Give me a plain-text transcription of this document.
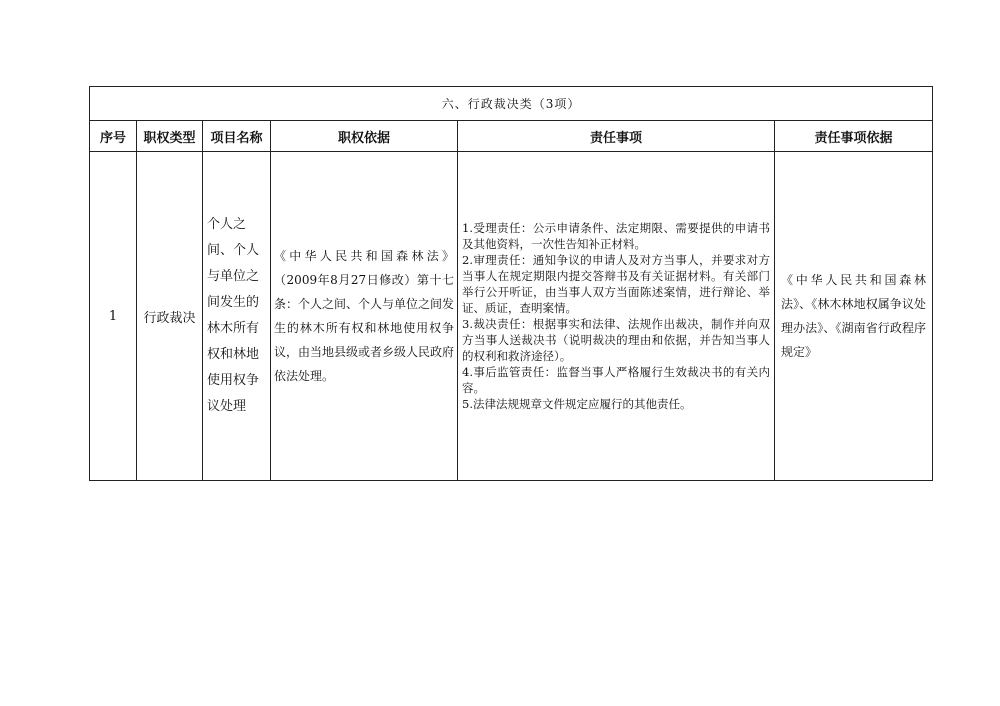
六、行政裁决类（3项）					
序号	职权类型	项目名称	职权依据	责任事项	责任事项依据
1	行政裁决	个人之间、个人与单位之间发生的林木所有权和林地使用权争议处理	《中华人民共和国森林法》（2009年8月27日修改）第十七条：个人之间、个人与单位之间发生的林木所有权和林地使用权争议，由当地县级或者乡级人民政府依法处理。	1.受理责任：公示申请条件、法定期限、需要提供的申请书及其他资料，一次性告知补正材料。
2.审理责任：通知争议的申请人及对方当事人，并要求对方当事人在规定期限内提交答辩书及有关证据材料。有关部门举行公开听证，由当事人双方当面陈述案情，进行辩论、举证、质证，查明案情。
3.裁决责任：根据事实和法律、法规作出裁决，制作并向双方当事人送裁决书（说明裁决的理由和依据，并告知当事人的权利和救济途径）。
4.事后监管责任：监督当事人严格履行生效裁决书的有关内容。
5.法律法规规章文件规定应履行的其他责任。	《中华人民共和国森林法》、《林木林地权属争议处理办法》、《湖南省行政程序规定》
